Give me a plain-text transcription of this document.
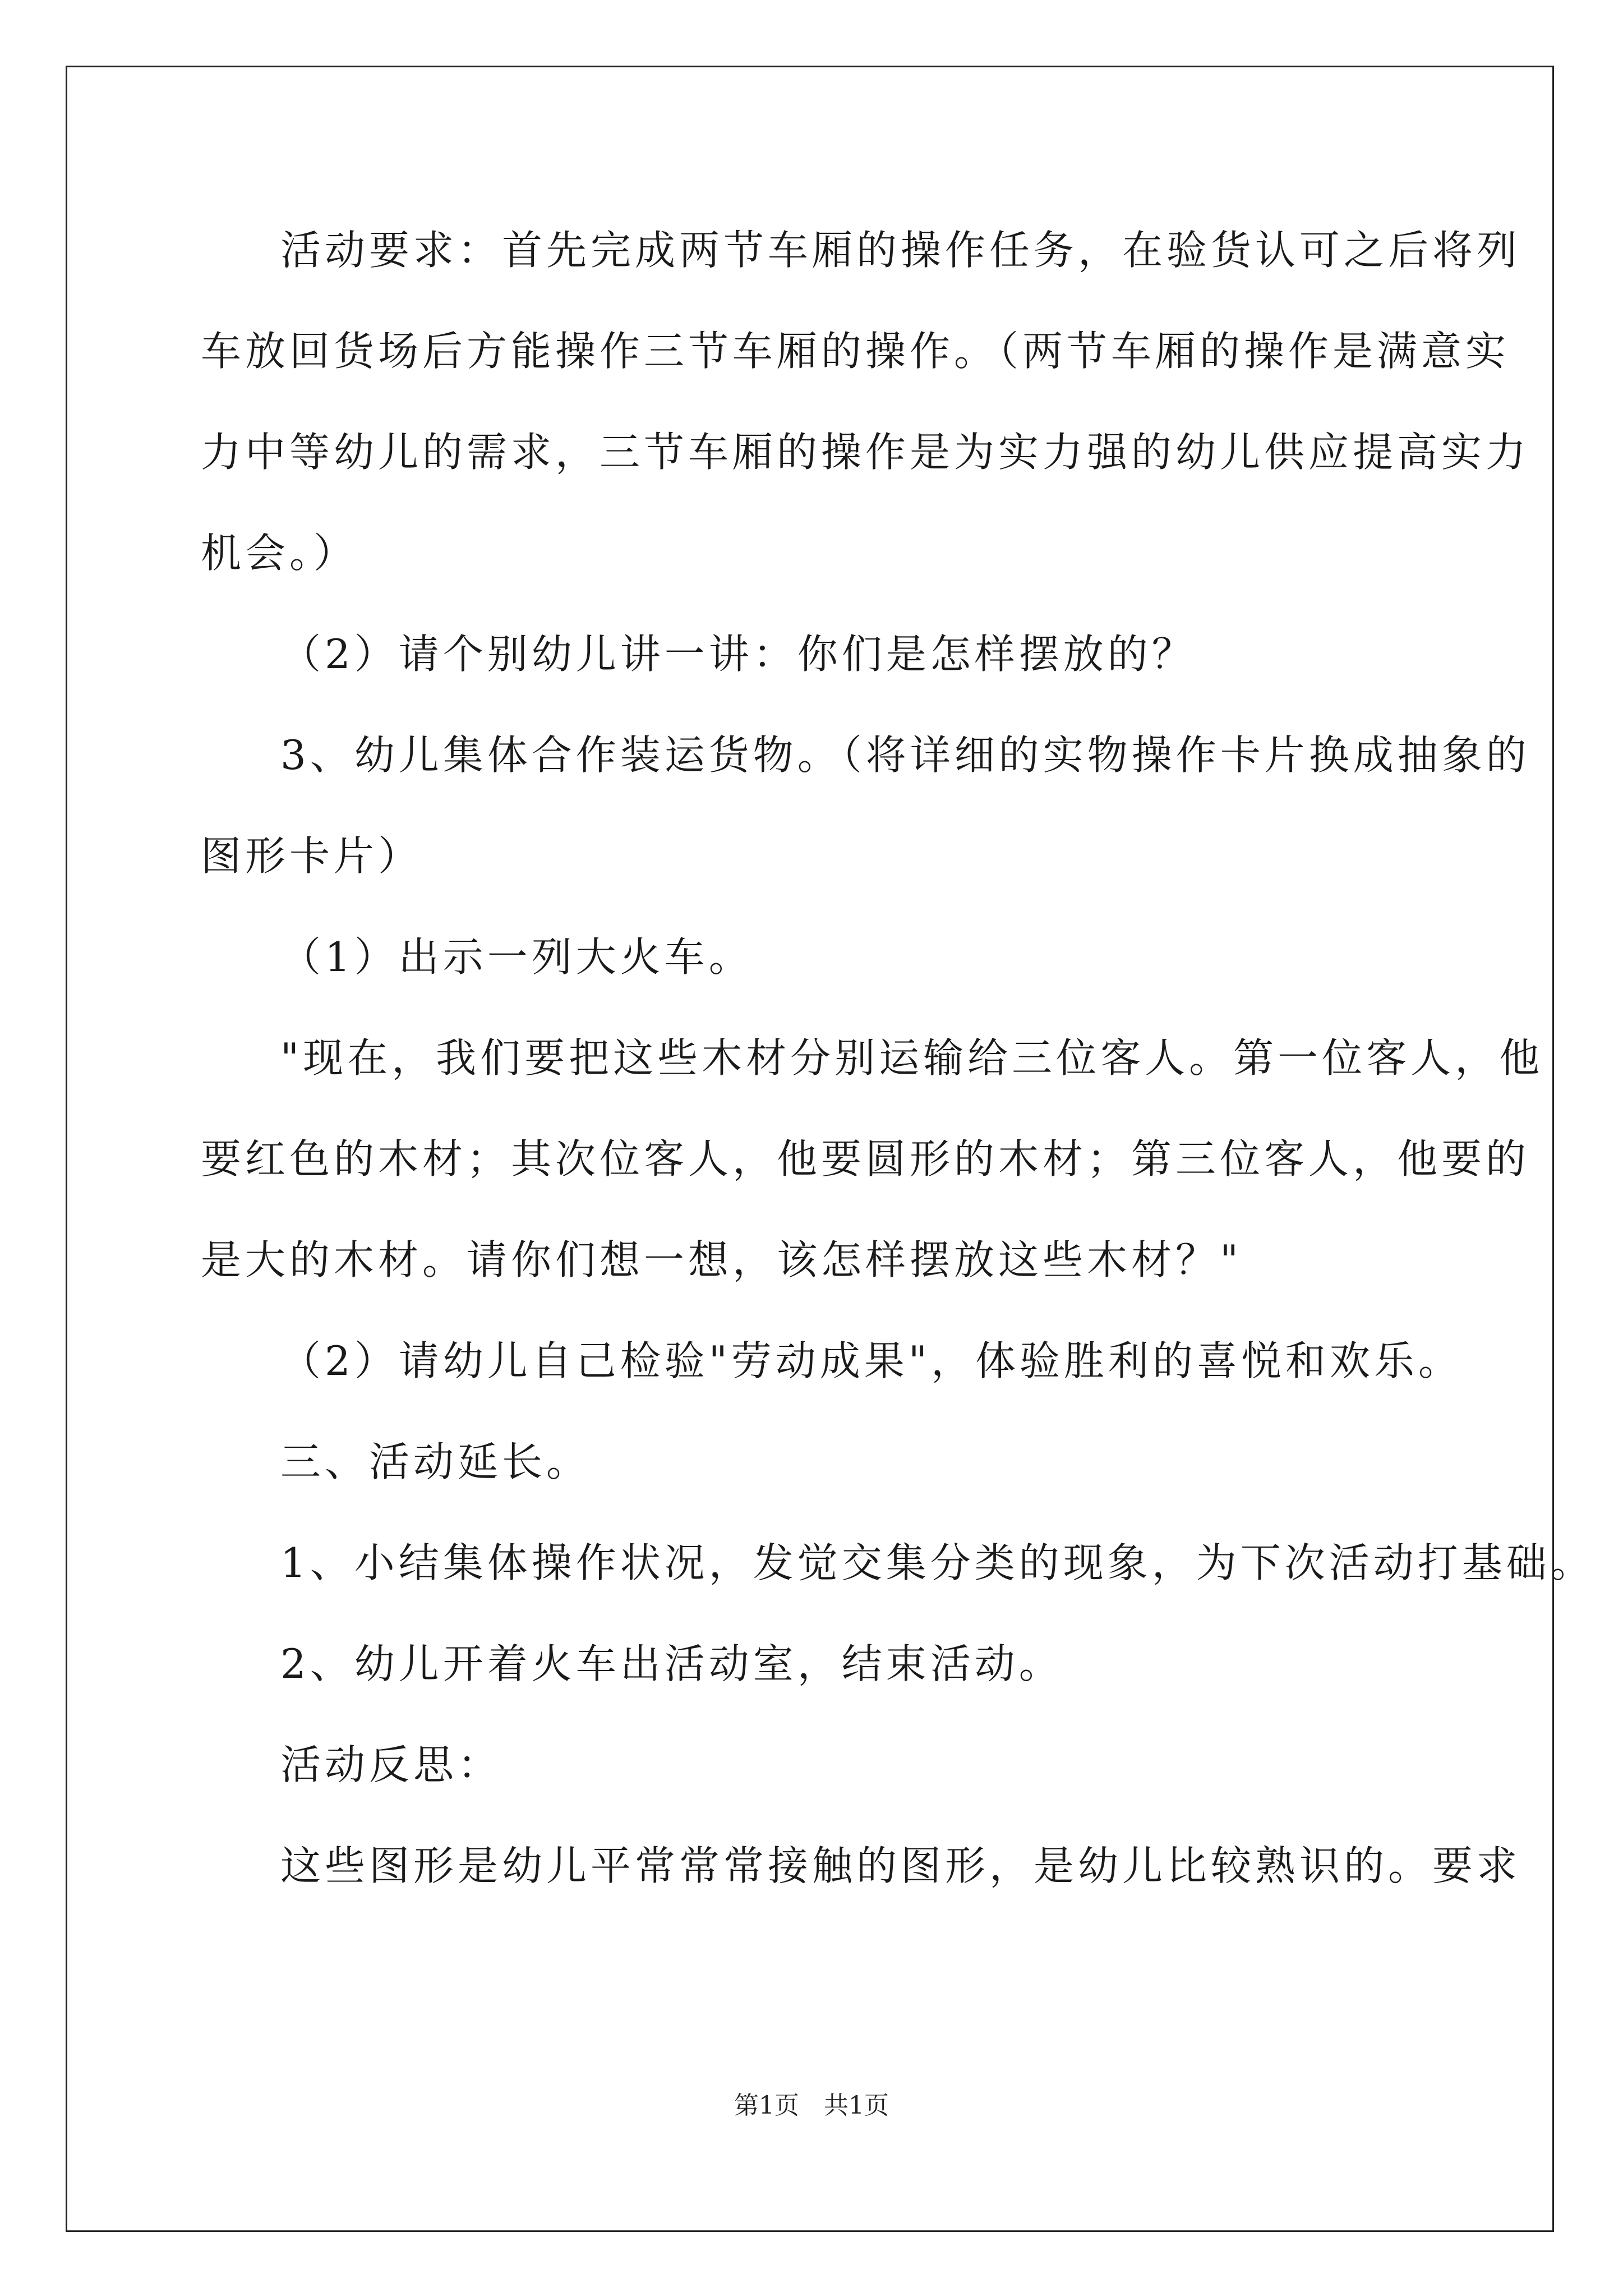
活动要求：首先完成两节车厢的操作任务，在验货认可之后将列
车放回货场后方能操作三节车厢的操作。（两节车厢的操作是满意实
力中等幼儿的需求，三节车厢的操作是为实力强的幼儿供应提高实力
机会。）
（2）请个别幼儿讲一讲：你们是怎样摆放的？
3、幼儿集体合作装运货物。（将详细的实物操作卡片换成抽象的
图形卡片）
（1）出示一列大火车。
"现在，我们要把这些木材分别运输给三位客人。第一位客人，他
要红色的木材；其次位客人，他要圆形的木材；第三位客人，他要的
是大的木材。请你们想一想，该怎样摆放这些木材？"
（2）请幼儿自己检验"劳动成果"，体验胜利的喜悦和欢乐。
三、活动延长。
1、小结集体操作状况，发觉交集分类的现象，为下次活动打基础。
2、幼儿开着火车出活动室，结束活动。
活动反思：
这些图形是幼儿平常常常接触的图形，是幼儿比较熟识的。要求
第1页　共1页
